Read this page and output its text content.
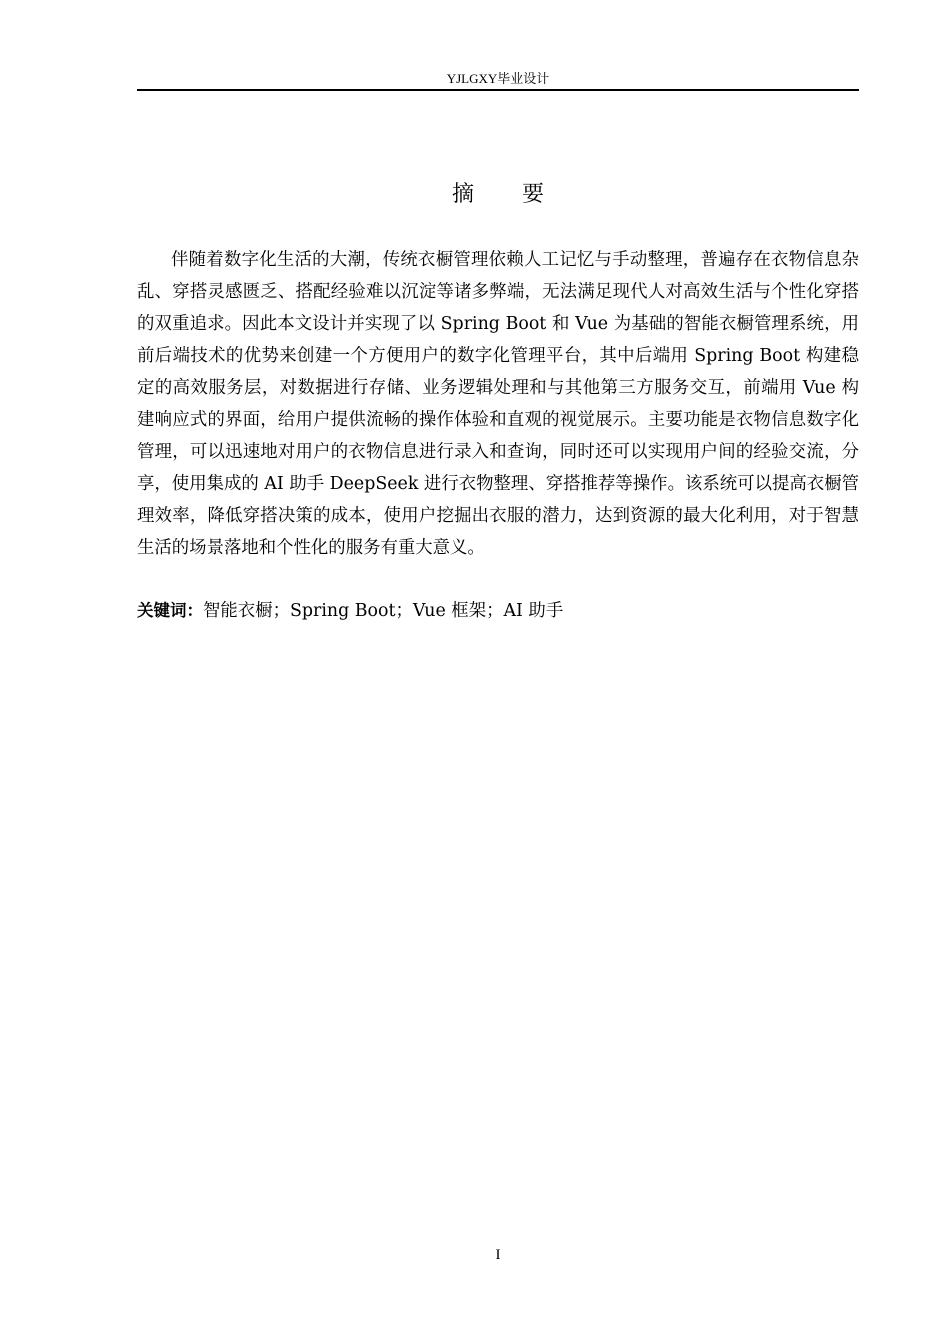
YJLGXY毕业设计
摘要

伴随着数字化生活的大潮，传统衣橱管理依赖人工记忆与手动整理，普遍存在衣物信息杂乱、穿搭灵感匮乏、搭配经验难以沉淀等诸多弊端，无法满足现代人对高效生活与个性化穿搭的双重追求。因此本文设计并实现了以 Spring Boot 和 Vue 为基础的智能衣橱管理系统，用前后端技术的优势来创建一个方便用户的数字化管理平台，其中后端用 Spring Boot 构建稳定的高效服务层，对数据进行存储、业务逻辑处理和与其他第三方服务交互，前端用 Vue 构建响应式的界面，给用户提供流畅的操作体验和直观的视觉展示。主要功能是衣物信息数字化管理，可以迅速地对用户的衣物信息进行录入和查询，同时还可以实现用户间的经验交流，分享，使用集成的 AI 助手 DeepSeek 进行衣物整理、穿搭推荐等操作。该系统可以提高衣橱管理效率，降低穿搭决策的成本，使用户挖掘出衣服的潜力，达到资源的最大化利用，对于智慧生活的场景落地和个性化的服务有重大意义。

关键词：智能衣橱；Spring Boot；Vue 框架；AI 助手
I
